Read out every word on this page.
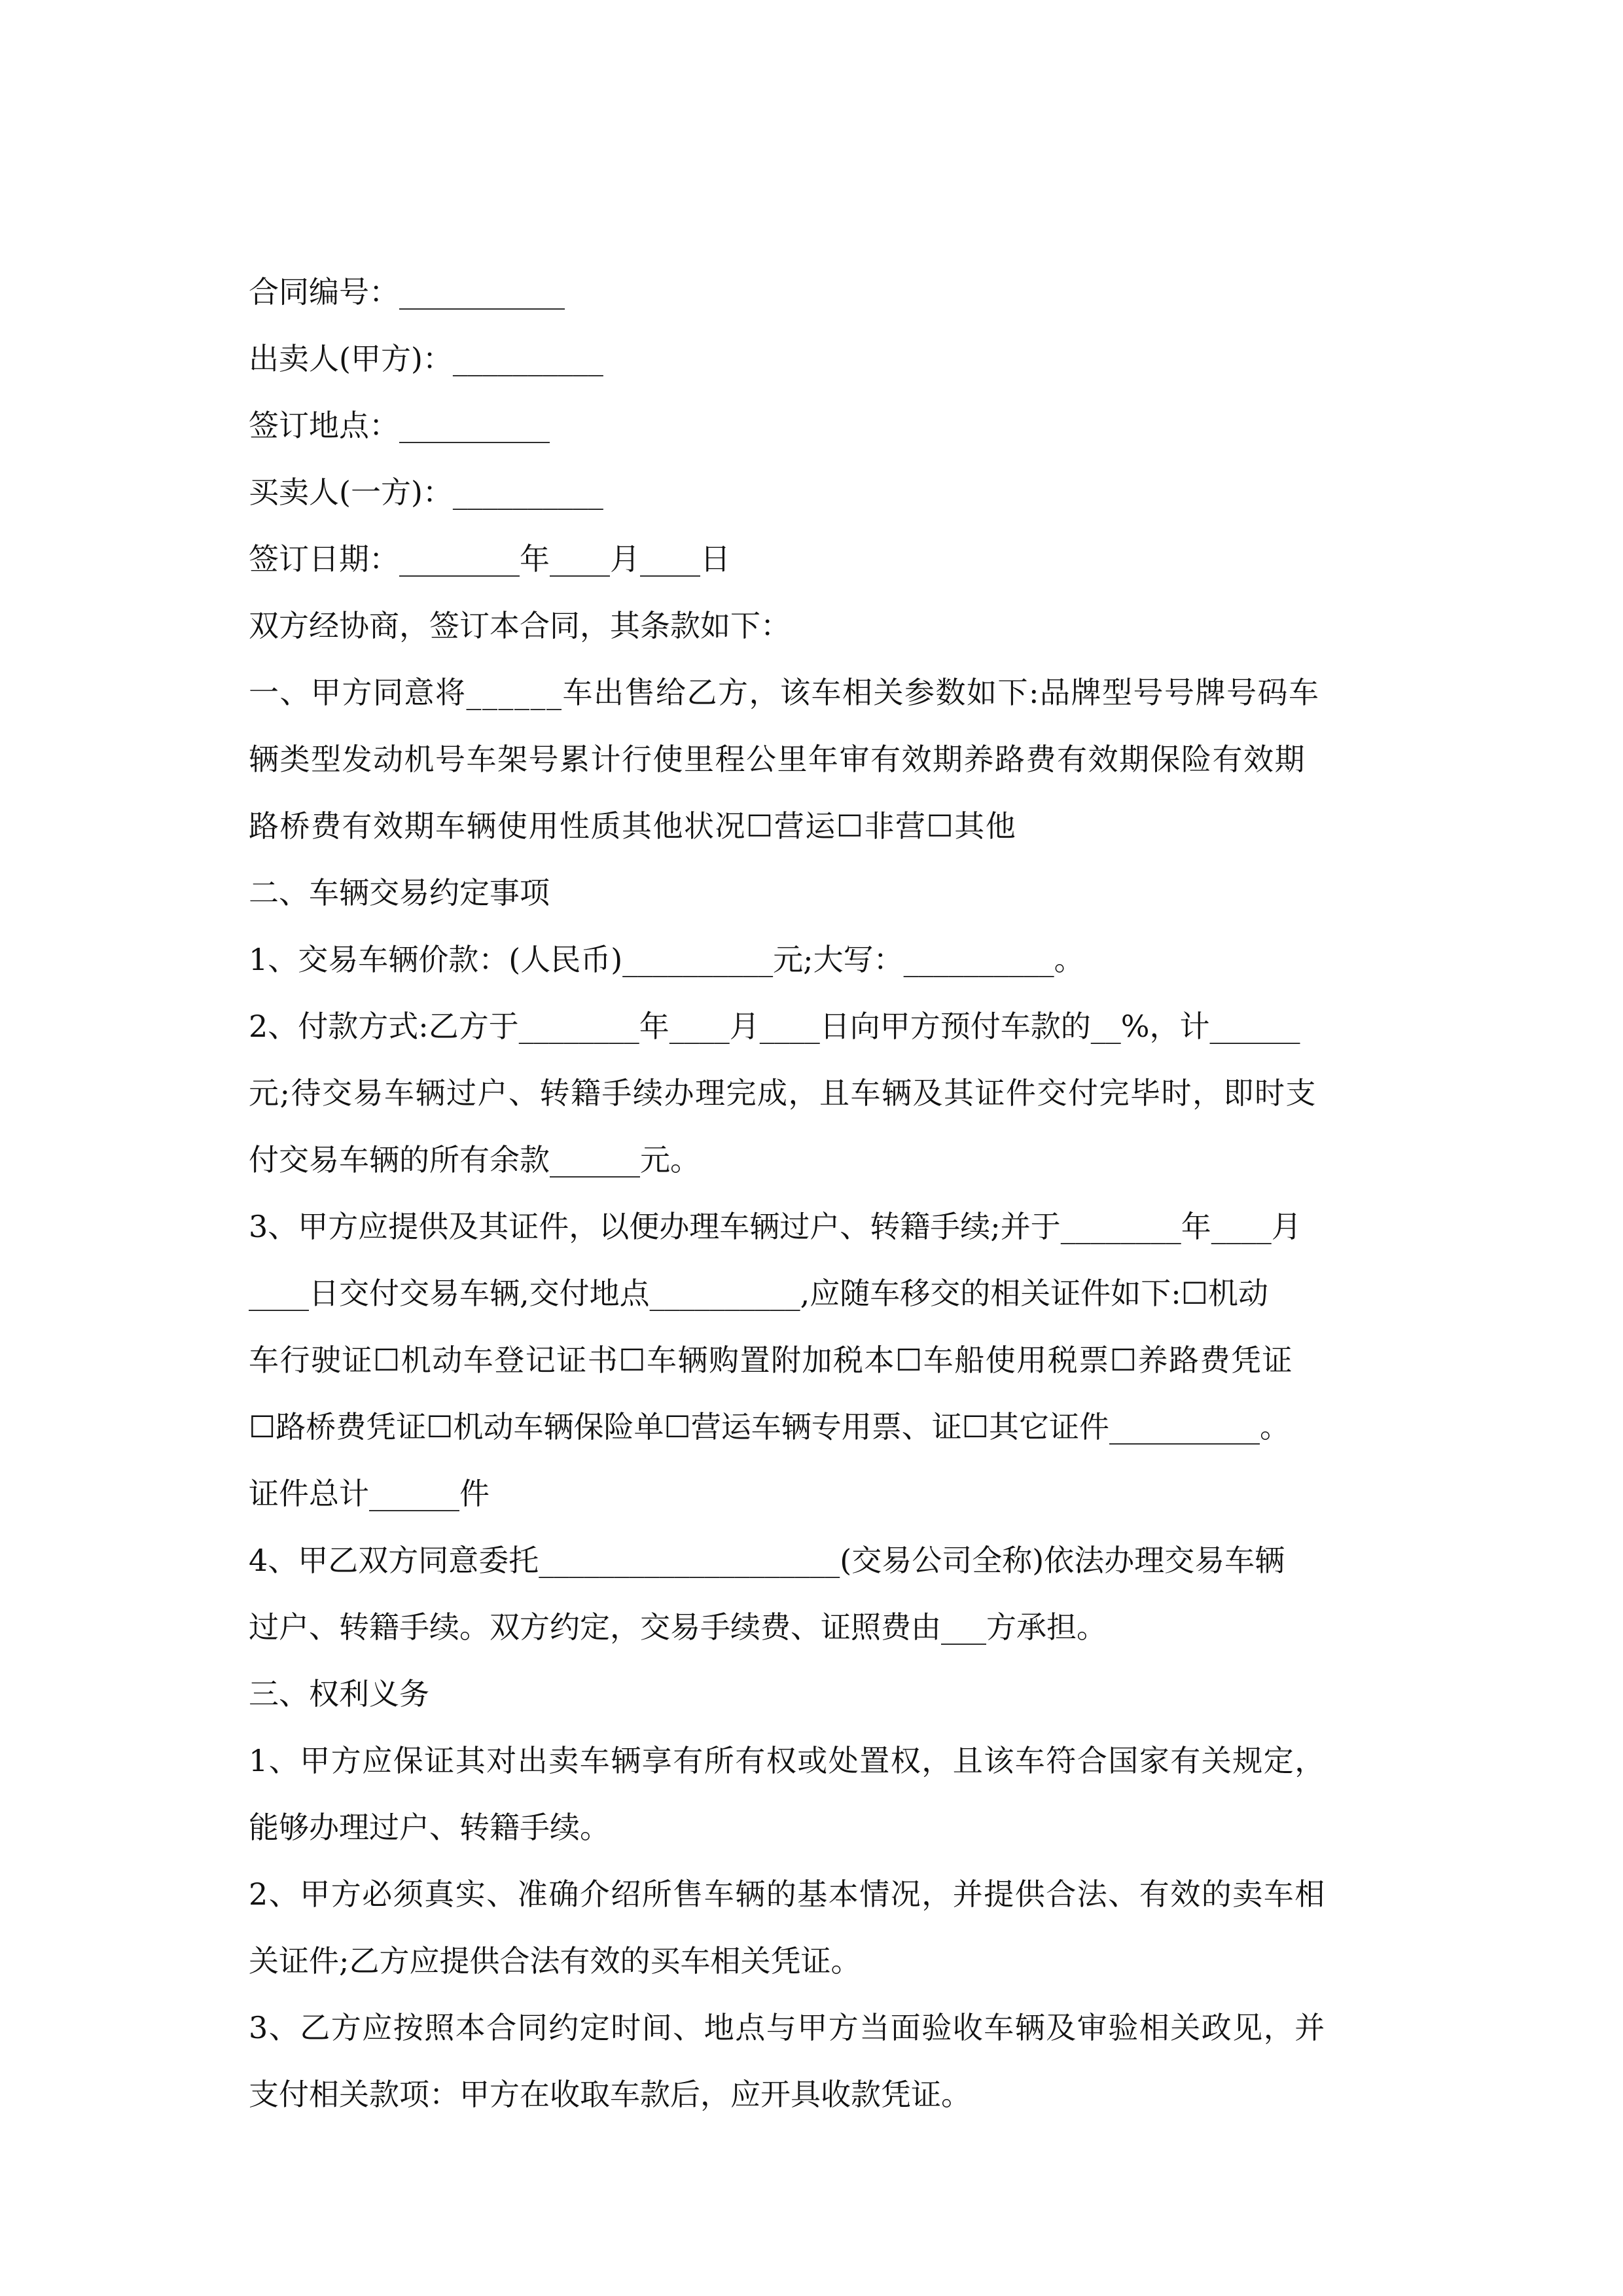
合同编号：___________
出卖人(甲方)：__________
签订地点：__________
买卖人(一方)：__________
签订日期：________年____月____日
双方经协商，签订本合同，其条款如下：
一、甲方同意将______车出售给乙方，该车相关参数如下:品牌型号号牌号码车
辆类型发动机号车架号累计行使里程公里年审有效期养路费有效期保险有效期
路桥费有效期车辆使用性质其他状况☐营运☐非营☐其他
二、车辆交易约定事项
1、交易车辆价款：(人民币)__________元;大写：__________。
2、付款方式:乙方于________年____月____日向甲方预付车款的__%，计______
元;待交易车辆过户、转籍手续办理完成，且车辆及其证件交付完毕时，即时支
付交易车辆的所有余款______元。
3、甲方应提供及其证件，以便办理车辆过户、转籍手续;并于________年____月
____日交付交易车辆,交付地点__________,应随车移交的相关证件如下:☐机动
车行驶证☐机动车登记证书☐车辆购置附加税本☐车船使用税票☐养路费凭证
☐路桥费凭证☐机动车辆保险单☐营运车辆专用票、证☐其它证件__________。
证件总计______件
4、甲乙双方同意委托____________________(交易公司全称)依法办理交易车辆
过户、转籍手续。双方约定，交易手续费、证照费由___方承担。
三、权利义务
1、甲方应保证其对出卖车辆享有所有权或处置权，且该车符合国家有关规定，
能够办理过户、转籍手续。
2、甲方必须真实、准确介绍所售车辆的基本情况，并提供合法、有效的卖车相
关证件;乙方应提供合法有效的买车相关凭证。
3、乙方应按照本合同约定时间、地点与甲方当面验收车辆及审验相关政见，并
支付相关款项：甲方在收取车款后，应开具收款凭证。
